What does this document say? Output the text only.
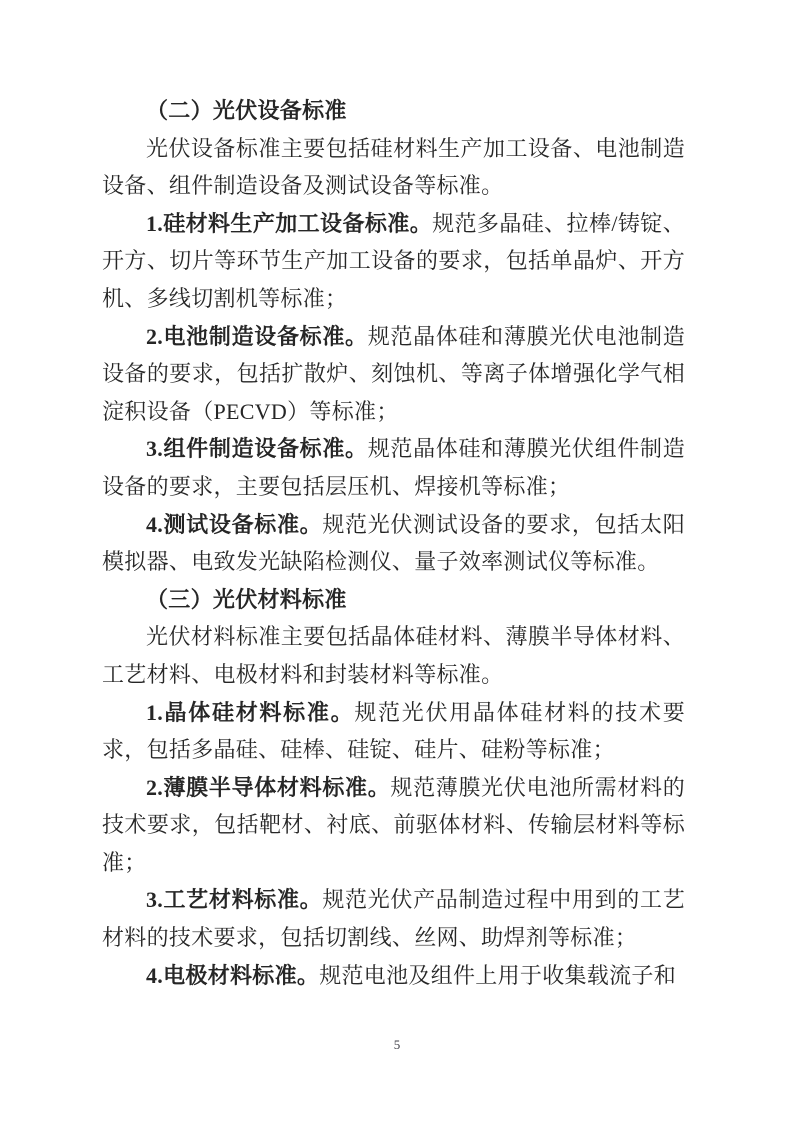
（二）光伏设备标准

光伏设备标准主要包括硅材料生产加工设备、电池制造设备、组件制造设备及测试设备等标准。

1.硅材料生产加工设备标准。规范多晶硅、拉棒/铸锭、开方、切片等环节生产加工设备的要求，包括单晶炉、开方机、多线切割机等标准；

2.电池制造设备标准。规范晶体硅和薄膜光伏电池制造设备的要求，包括扩散炉、刻蚀机、等离子体增强化学气相淀积设备（PECVD）等标准；

3.组件制造设备标准。规范晶体硅和薄膜光伏组件制造设备的要求，主要包括层压机、焊接机等标准；

4.测试设备标准。规范光伏测试设备的要求，包括太阳模拟器、电致发光缺陷检测仪、量子效率测试仪等标准。

（三）光伏材料标准

光伏材料标准主要包括晶体硅材料、薄膜半导体材料、工艺材料、电极材料和封装材料等标准。

1.晶体硅材料标准。规范光伏用晶体硅材料的技术要求，包括多晶硅、硅棒、硅锭、硅片、硅粉等标准；

2.薄膜半导体材料标准。规范薄膜光伏电池所需材料的技术要求，包括靶材、衬底、前驱体材料、传输层材料等标准；

3.工艺材料标准。规范光伏产品制造过程中用到的工艺材料的技术要求，包括切割线、丝网、助焊剂等标准；

4.电极材料标准。规范电池及组件上用于收集载流子和

5
